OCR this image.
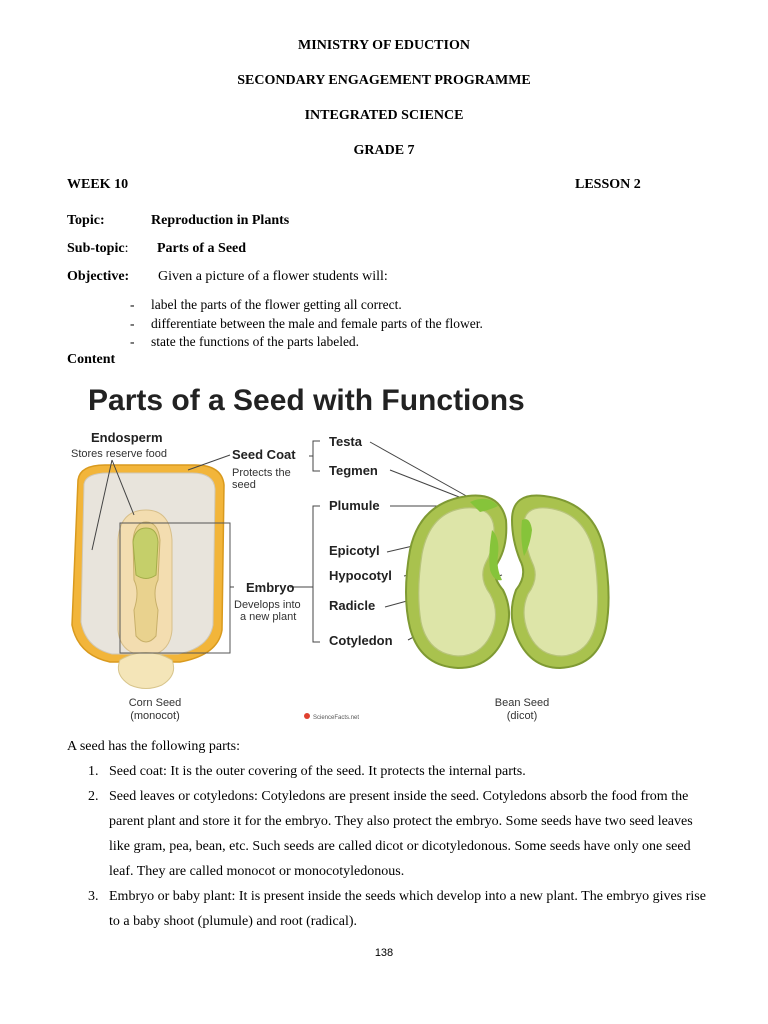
MINISTRY OF EDUCTION
SECONDARY ENGAGEMENT PROGRAMME
INTEGRATED SCIENCE
GRADE 7
WEEK 10	LESSON 2
Topic:	Reproduction in Plants
Sub-topic: Parts of a Seed
Objective: Given a picture of a flower students will:
- label the parts of the flower getting all correct.
- differentiate between the male and female parts of the flower.
- state the functions of the parts labeled.
Content
Parts of a Seed with Functions
Endosperm
Stores reserve food	Seed Coat
Protects the
seed
Testa
Tegmen
Embryo
Develops into
a new plant
Plumule
Epicotyl
Hypocotyl
Radicle
Cotyledon
Corn Seed
(monocot)
Bean Seed
(dicot)
ScienceFacts.net
A seed has the following parts:
1. Seed coat: It is the outer covering of the seed. It protects the internal parts.
2. Seed leaves or cotyledons: Cotyledons are present inside the seed. Cotyledons absorb the food from the parent plant and store it for the embryo. They also protect the embryo. Some seeds have two seed leaves like gram, pea, bean, etc. Such seeds are called dicot or dicotyledonous. Some seeds have only one seed leaf. They are called monocot or monocotyledonous.
3. Embryo or baby plant: It is present inside the seeds which develop into a new plant. The embryo gives rise to a baby shoot (plumule) and root (radical).
138
